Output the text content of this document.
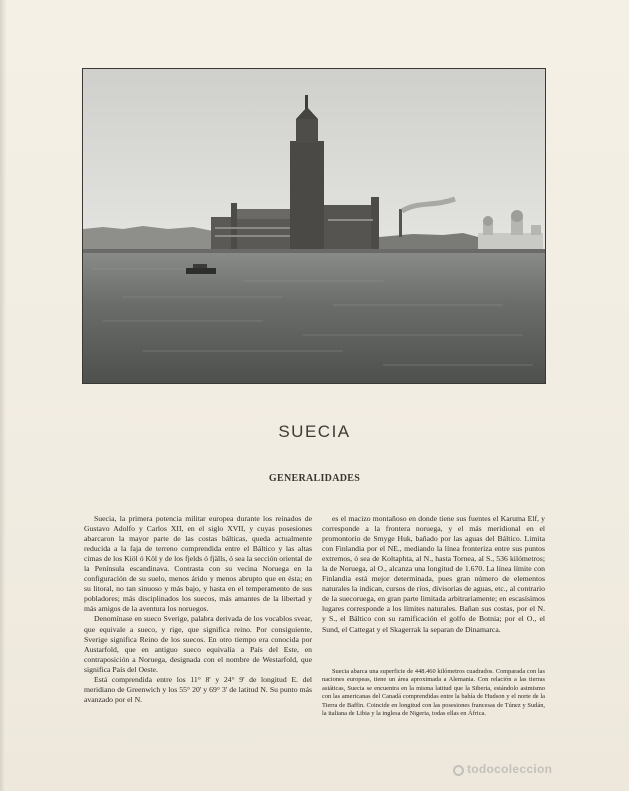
SUECIA
GENERALIDADES

Suecia, la primera potencia militar europea durante los reinados de Gustavo Adolfo y Carlos XII, en el siglo XVII, y cuyas posesiones abarcaron la mayor parte de las costas bálticas, queda actualmente reducida a la faja de terreno comprendida entre el Báltico y las altas cimas de los Kiöl ó Köl y de los fjelds ó fjälls, ó sea la sección oriental de la Península escandinava. Contrasta con su vecina Noruega en la configuración de su suelo, menos árido y menos abrupto que en ésta; en su litoral, no tan sinuoso y más bajo, y hasta en el temperamento de sus pobladores; más disciplinados los suecos, más amantes de la libertad y más amigos de la aventura los noruegos.

Denomínase en sueco Sverige, palabra derivada de los vocablos svear, que equivale a sueco, y rige, que significa reino. Por consiguiente, Sverige significa Reino de los suecos. En otro tiempo era conocida por Austarfold, que en antiguo sueco equivalía a País del Este, en contraposición a Noruega, designada con el nombre de Westarfold, que significa País del Oeste.

Está comprendida entre los 11° 8' y 24° 9' de longitud E. del meridiano de Greenwich y los 55° 20' y 69° 3' de latitud N. Su punto más avanzado por el N.

es el macizo montañoso en donde tiene sus fuentes el Karuma Elf, y corresponde a la frontera noruega, y el más meridional en el promontorio de Smyge Huk, bañado por las aguas del Báltico. Limita con Finlandia por el NE., mediando la línea fronteriza entre sus puntos extremos, ó sea de Koltaphta, al N., hasta Tornea, al S., 536 kilómetros; la de Noruega, al O., alcanza una longitud de 1.670. La línea límite con Finlandia está mejor determinada, pues gran número de elementos naturales la indican, cursos de ríos, divisorias de aguas, etc., al contrario de la suecoruega, en gran parte limitada arbitrariamente; en escasísimos lugares corresponde a los límites naturales. Bañan sus costas, por el N. y S., el Báltico con su ramificación el golfo de Botnia; por el O., el Sund, el Cattegat y el Skagerrak la separan de Dinamarca.

Suecia abarca una superficie de 448.460 kilómetros cuadrados. Comparada con las naciones europeas, tiene un área aproximada a Alemania. Con relación a las tierras asiáticas, Suecia se encuentra en la misma latitud que la Siberia, estándolo asimismo con las americanas del Canadá comprendidas entre la bahía de Hudson y el norte de la Tierra de Baffin. Coincide en longitud con las posesiones francesas de Túnez y Sudán, la italiana de Libia y la inglesa de Nigeria, todas ellas en África.

todocoleccion
